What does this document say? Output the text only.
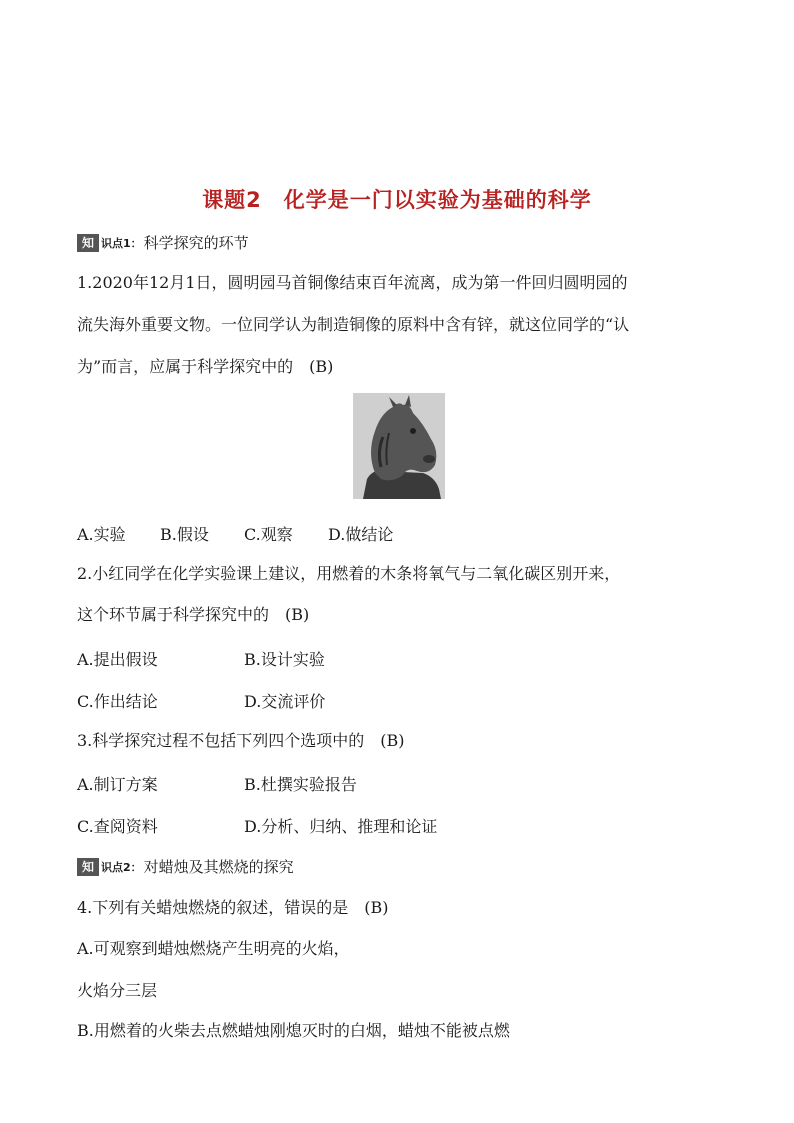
课题2　化学是一门以实验为基础的科学
知 识点1： 科学探究的环节
1.2020年12月1日，圆明园马首铜像结束百年流离，成为第一件回归圆明园的
流失海外重要文物。一位同学认为制造铜像的原料中含有锌，就这位同学的“认
为”而言，应属于科学探究中的　(B)
A.实验 B.假设 C.观察 D.做结论
2.小红同学在化学实验课上建议，用燃着的木条将氧气与二氧化碳区别开来，
这个环节属于科学探究中的　(B)
A.提出假设	B.设计实验
C.作出结论	D.交流评价
3.科学探究过程不包括下列四个选项中的　(B)
A.制订方案	B.杜撰实验报告
C.查阅资料	D.分析、归纳、推理和论证
知 识点2： 对蜡烛及其燃烧的探究
4.下列有关蜡烛燃烧的叙述，错误的是　(B)
A.可观察到蜡烛燃烧产生明亮的火焰，
火焰分三层
B.用燃着的火柴去点燃蜡烛刚熄灭时的白烟，蜡烛不能被点燃
